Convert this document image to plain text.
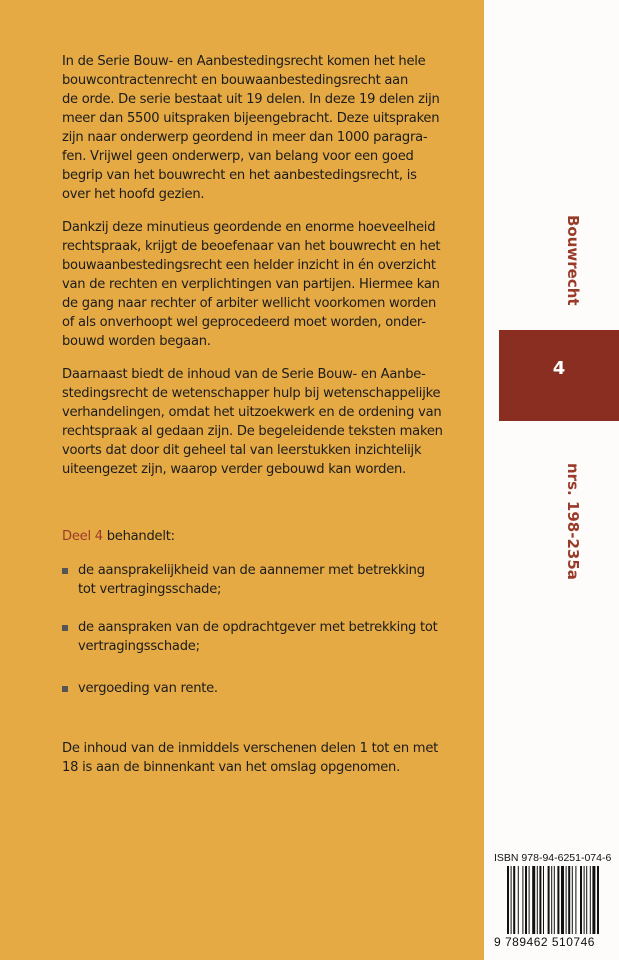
In de Serie Bouw- en Aanbestedingsrecht komen het hele

bouwcontractenrecht en bouwaanbestedingsrecht aan

de orde. De serie bestaat uit 19 delen. In deze 19 delen zijn

meer dan 5500 uitspraken bijeengebracht. Deze uitspraken

zijn naar onderwerp geordend in meer dan 1000 paragra-

fen. Vrijwel geen onderwerp, van belang voor een goed

begrip van het bouwrecht en het aanbestedingsrecht, is

over het hoofd gezien.

Dankzij deze minutieus geordende en enorme hoeveelheid

rechtspraak, krijgt de beoefenaar van het bouwrecht en het

bouwaanbestedingsrecht een helder inzicht in én overzicht

van de rechten en verplichtingen van partijen. Hiermee kan

de gang naar rechter of arbiter wellicht voorkomen worden

of als onverhoopt wel geprocedeerd moet worden, onder-

bouwd worden begaan.

Daarnaast biedt de inhoud van de Serie Bouw- en Aanbe-

stedingsrecht de wetenschapper hulp bij wetenschappelijke

verhandelingen, omdat het uitzoekwerk en de ordening van

rechtspraak al gedaan zijn. De begeleidende teksten maken

voorts dat door dit geheel tal van leerstukken inzichtelijk

uiteengezet zijn, waarop verder gebouwd kan worden.

Deel 4 behandelt:
de aansprakelijkheid van de aannemer met betrekking
tot vertragingsschade;
de aanspraken van de opdrachtgever met betrekking tot
vertragingsschade;
vergoeding van rente.

De inhoud van de inmiddels verschenen delen 1 tot en met

18 is aan de binnenkant van het omslag opgenomen.

Bouwrecht
4
nrs. 198-235a
ISBN 978-94-6251-074-6
9 789462 510746
